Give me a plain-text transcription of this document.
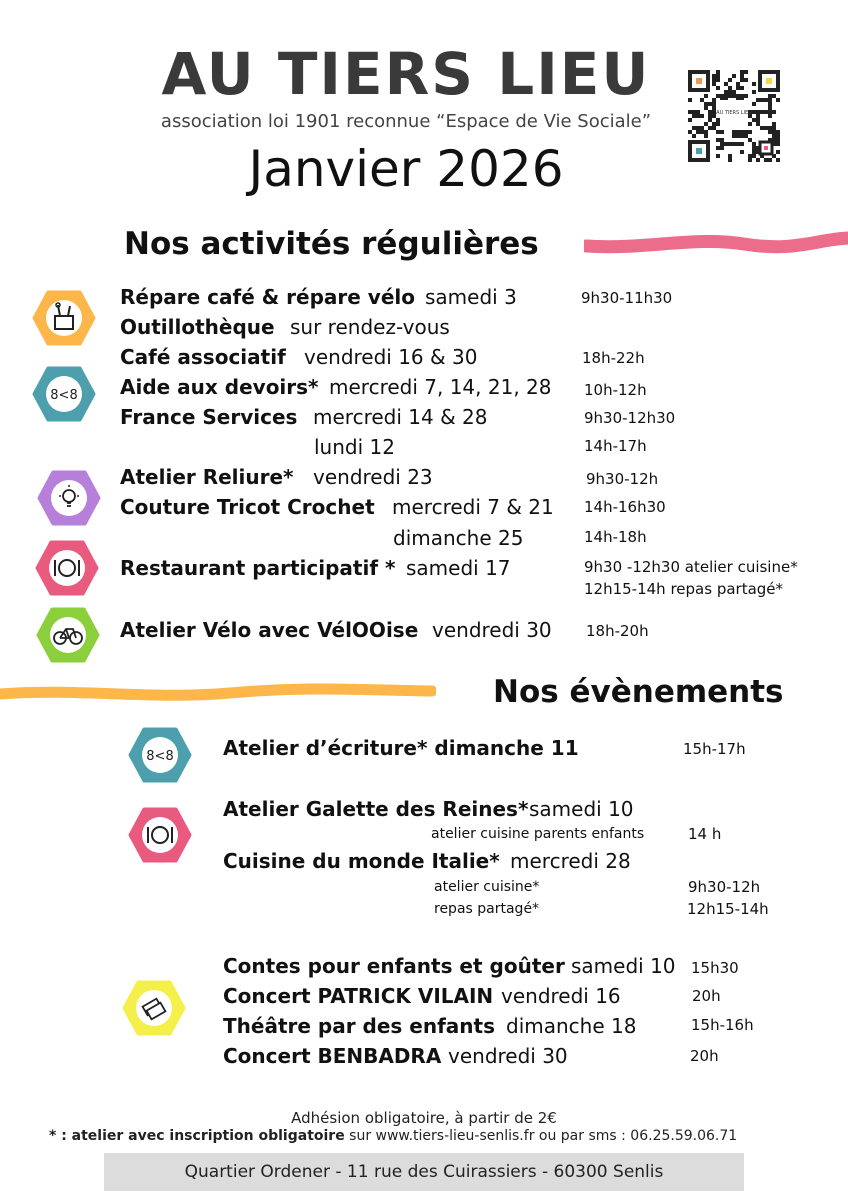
AU TIERS LIEU
association loi 1901 reconnue “Espace de Vie Sociale”
Janvier 2026
AU TIERS LIEU
Nos activités régulières
8<8
Répare café & répare vélo samedi 3	9h30-11h30
Outillothèque sur rendez-vous
Café associatif vendredi 16 & 30	18h-22h
Aide aux devoirs* mercredi 7, 14, 21, 28 10h-12h
France Services mercredi 14 & 28	9h30-12h30
lundi 12	14h-17h
Atelier Reliure* vendredi 23	9h30-12h
Couture Tricot Crochet mercredi 7 & 21 14h-16h30
dimanche 25	14h-18h
Restaurant participatif * samedi 17	9h30 -12h30 atelier cuisine*
12h15-14h repas partagé*
Atelier Vélo avec VélOOise vendredi 30 18h-20h
Nos évènements
8<8 Atelier d’écriture* dimanche 11	15h-17h
Atelier Galette des Reines* samedi 10
atelier cuisine parents enfants	14 h
Cuisine du monde Italie* mercredi 28
atelier cuisine*	9h30-12h
repas partagé*	12h15-14h
Contes pour enfants et goûter samedi 10 15h30
Concert PATRICK VILAIN vendredi 16	20h
Théâtre par des enfants dimanche 18	15h-16h
Concert BENBADRA vendredi 30	20h
Adhésion obligatoire, à partir de 2€
* : atelier avec inscription obligatoire sur www.tiers-lieu-senlis.fr ou par sms : 06.25.59.06.71
Quartier Ordener - 11 rue des Cuirassiers - 60300 Senlis
